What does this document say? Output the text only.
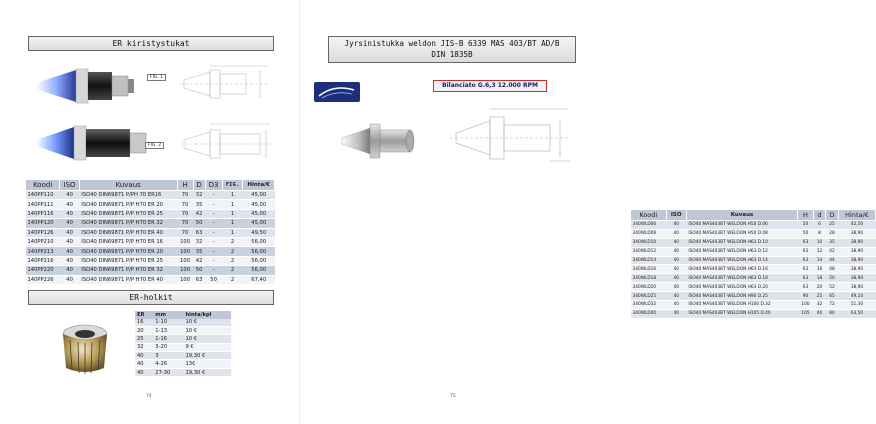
ER kiristystukat
FIG. 1
FIG. 2
Koodi	ISO	Kuvaus	H	D	D3	FIG.	Hinta/€
140PP110	40	ISO40 DIN69871 P/PH 70 ER16	70	32	-	1	45,00
140PP111	40	ISO40 DIN69871 P/P H70 ER 20	70	35	-	1	45,00
140PP116	40	ISO40 DIN69871 P/P H70 ER 25	70	42	-	1	45,00
140PP120	40	ISO40 DIN69871 P/P H70 ER 32	70	50	-	1	45,00
140PP126	40	ISO40 DIN69871 P/P H70 ER 40	70	63	-	1	49,50
140PP210	40	ISO40 DIN69871 P/P H70 ER 16	100	32	-	2	56,00
140PP213	40	ISO40 DIN69871 P/P H70 ER 20	100	35	-	2	56,00
140PP216	40	ISO40 DIN69871 P/P H70 ER 25	100	42	-	2	56,00
140PP220	40	ISO40 DIN69871 P/P H70 ER 32	100	50	-	2	56,00
140PP226	40	ISO40 DIN69871 P/P H70 ER 40	100	63	50	2	67,40
ER-holkit
ER	mm	hinta/kpl
16	1-10	10 €
20	1-13	10 €
25	1-16	10 €
32	3-20	9 €
40	3	19,30 €
40	4-26	13€
40	27-30	19,30 €
74
Jyrsinistukka weldon JIS-B 6339 MAS 403/BT AD/B
DIN 1835B
Bilanciato G.6,3 12.000 RPM
Koodi	ISO	Kuvaus	H	d	D	Hinta/€
340WLD06	40	ISO40 MAS403BT WELDON H50 D.06	50	6	25	42,50
340WLD08	40	ISO40 MAS403BT WELDON H50 D.08	50	8	28	38,90
340WLD10	40	ISO40 MAS403BT WELDON H63 D.10	63	10	35	38,90
340WLD12	40	ISO40 MAS403BT WELDON H63 D.12	63	12	42	38,90
340WLD14	40	ISO40 MAS403BT WELDON H63 D.14	63	14	44	38,90
340WLD16	40	ISO40 MAS403BT WELDON H63 D.16	63	16	48	38,90
340WLD18	40	ISO40 MAS403BT WELDON H63 D.18	63	18	50	38,90
340WLD20	40	ISO40 MAS403BT WELDON H63 D.20	63	20	52	38,90
340WLD25	40	ISO40 MAS403BT WELDON H90 D.25	90	25	65	49,10
340WLD32	40	ISO40 MAS403BT WELDON H100 D.32	100	32	72	51,30
340WLD40	40	ISO40 MAS403BT WELDON H105 D.40	105	40	80	63,50
75
